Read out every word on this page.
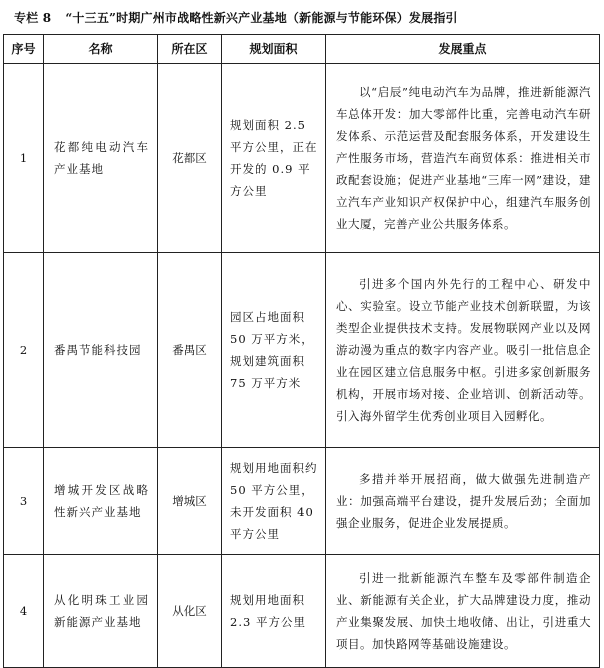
专栏 8 “十三五”时期广州市战略性新兴产业基地（新能源与节能环保）发展指引
序号	名称	所在区	规划面积	发展重点
1	花都纯电动汽车产业基地	花都区	规划面积 2.5 平方公里，正在开发的 0.9 平方公里	以“启辰”纯电动汽车为品牌，推进新能源汽车总体开发：加大零部件比重，完善电动汽车研发体系、示范运营及配套服务体系，开发建设生产性服务市场，营造汽车商贸体系：推进相关市政配套设施；促进产业基地“三库一网”建设，建立汽车产业知识产权保护中心，组建汽车服务创业大厦，完善产业公共服务体系。
2	番禺节能科技园	番禺区	园区占地面积 50 万平方米，规划建筑面积 75 万平方米	引进多个国内外先行的工程中心、研发中心、实验室。设立节能产业技术创新联盟，为该类型企业提供技术支持。发展物联网产业以及网游动漫为重点的数字内容产业。吸引一批信息企业在园区建立信息服务中枢。引进多家创新服务机构，开展市场对接、企业培训、创新活动等。引入海外留学生优秀创业项目入园孵化。
3	增城开发区战略性新兴产业基地	增城区	规划用地面积约 50 平方公里，未开发面积 40 平方公里	多措并举开展招商，做大做强先进制造产业：加强高端平台建设，提升发展后劲；全面加强企业服务，促进企业发展提质。
4	从化明珠工业园新能源产业基地	从化区	规划用地面积 2.3 平方公里	引进一批新能源汽车整车及零部件制造企业、新能源有关企业，扩大品牌建设力度，推动产业集聚发展、加快土地收储、出让，引进重大项目。加快路网等基础设施建设。
